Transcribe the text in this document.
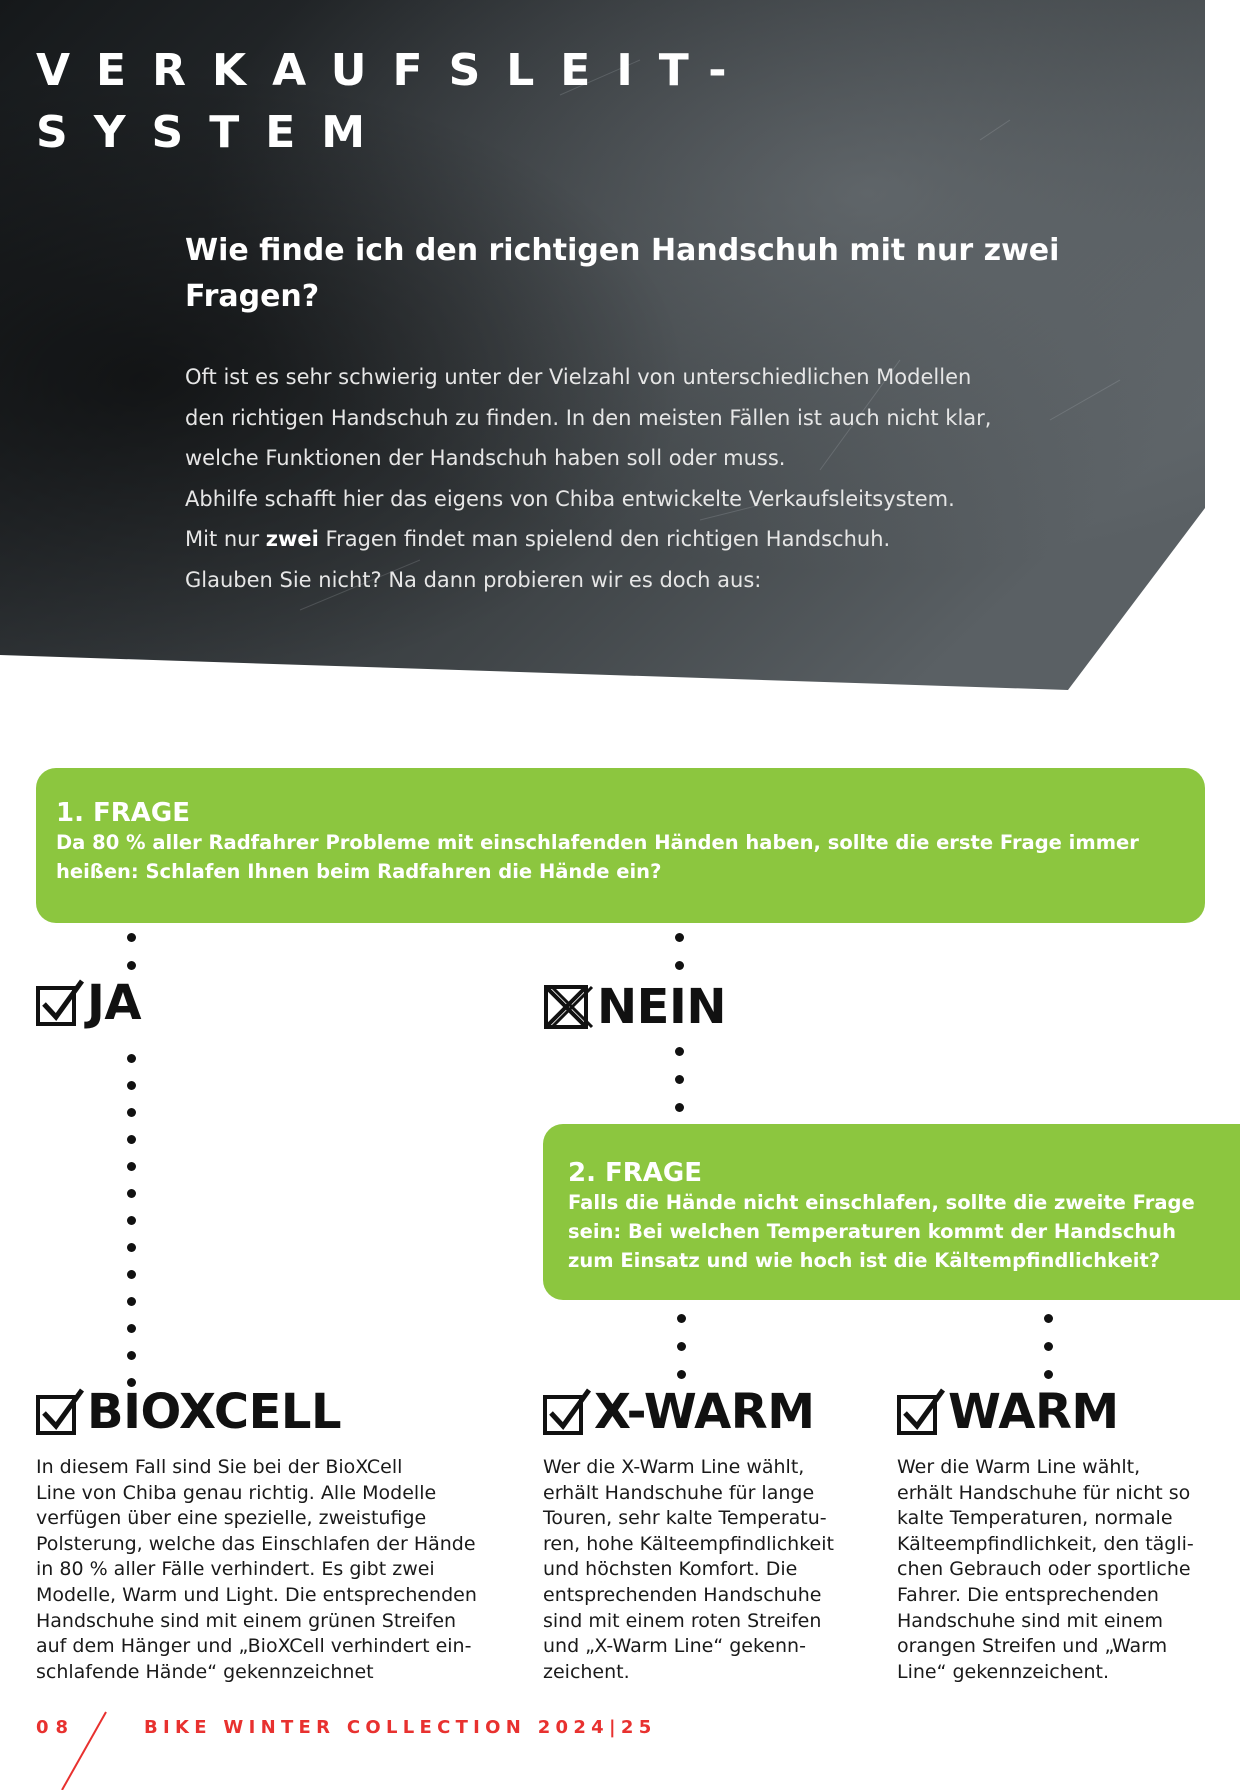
VERKAUFSLEIT-
SYSTEM
Wie finde ich den richtigen Handschuh mit nur zwei Fragen?

Oft ist es sehr schwierig unter der Vielzahl von unterschiedlichen Modellen

den richtigen Handschuh zu finden. In den meisten Fällen ist auch nicht klar,

welche Funktionen der Handschuh haben soll oder muss.

Abhilfe schafft hier das eigens von Chiba entwickelte Verkaufsleitsystem.

Mit nur zwei Fragen findet man spielend den richtigen Handschuh.

Glauben Sie nicht? Na dann probieren wir es doch aus:

1. FRAGE
Da 80 % aller Radfahrer Probleme mit einschlafenden Händen haben, sollte die erste Frage immer heißen: Schlafen Ihnen beim Radfahren die Hände ein?
JA	NEIN
2. FRAGE
Falls die Hände nicht einschlafen, sollte die zweite Frage sein: Bei welchen Temperaturen kommt der Handschuh zum Einsatz und wie hoch ist die Kältempfindlichkeit?
BIOXCELL	X-WARM	WARM
In diesem Fall sind Sie bei der BioXCell
Line von Chiba genau richtig. Alle Modelle
verfügen über eine spezielle, zweistufige
Polsterung, welche das Einschlafen der Hände
in 80 % aller Fälle verhindert. Es gibt zwei
Modelle, Warm und Light. Die entsprechenden
Handschuhe sind mit einem grünen Streifen
auf dem Hänger und „BioXCell verhindert ein-
schlafende Hände“ gekennzeichnet
Wer die X-Warm Line wählt,
erhält Handschuhe für lange
Touren, sehr kalte Temperatu-
ren, hohe Kälteempfindlichkeit
und höchsten Komfort. Die
entsprechenden Handschuhe
sind mit einem roten Streifen
und „X-Warm Line“ gekenn-
zeichent.
Wer die Warm Line wählt,
erhält Handschuhe für nicht so
kalte Temperaturen, normale
Kälteempfindlichkeit, den tägli-
chen Gebrauch oder sportliche
Fahrer. Die entsprechenden
Handschuhe sind mit einem
orangen Streifen und „Warm
Line“ gekennzeichent.
08	BIKE WINTER COLLECTION 2024|25
